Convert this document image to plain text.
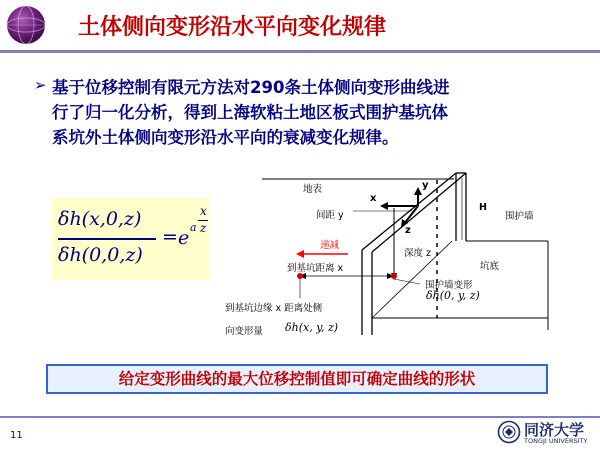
土体侧向变形沿水平向变化规律
➢ 基于位移控制有限元方法对290条土体侧向变形曲线进
行了归一化分析，得到上海软粘土地区板式围护基坑体
系坑外土体侧向变形沿水平向的衰减变化规律。
δh(x,0,z)
δh(0,0,z)
= e a
x
z
地表
间距 y
x
y
z
深度 z
递减
到基坑距离 x
H
围护墙
坑底
围护墙变形
δh(0, y, z)
到基坑边缘 x 距离处侧
向变形量 δh(x, y, z)
给定变形曲线的最大位移控制值即可确定曲线的形状
11	同济大学
TONGJI UNIVERSITY
